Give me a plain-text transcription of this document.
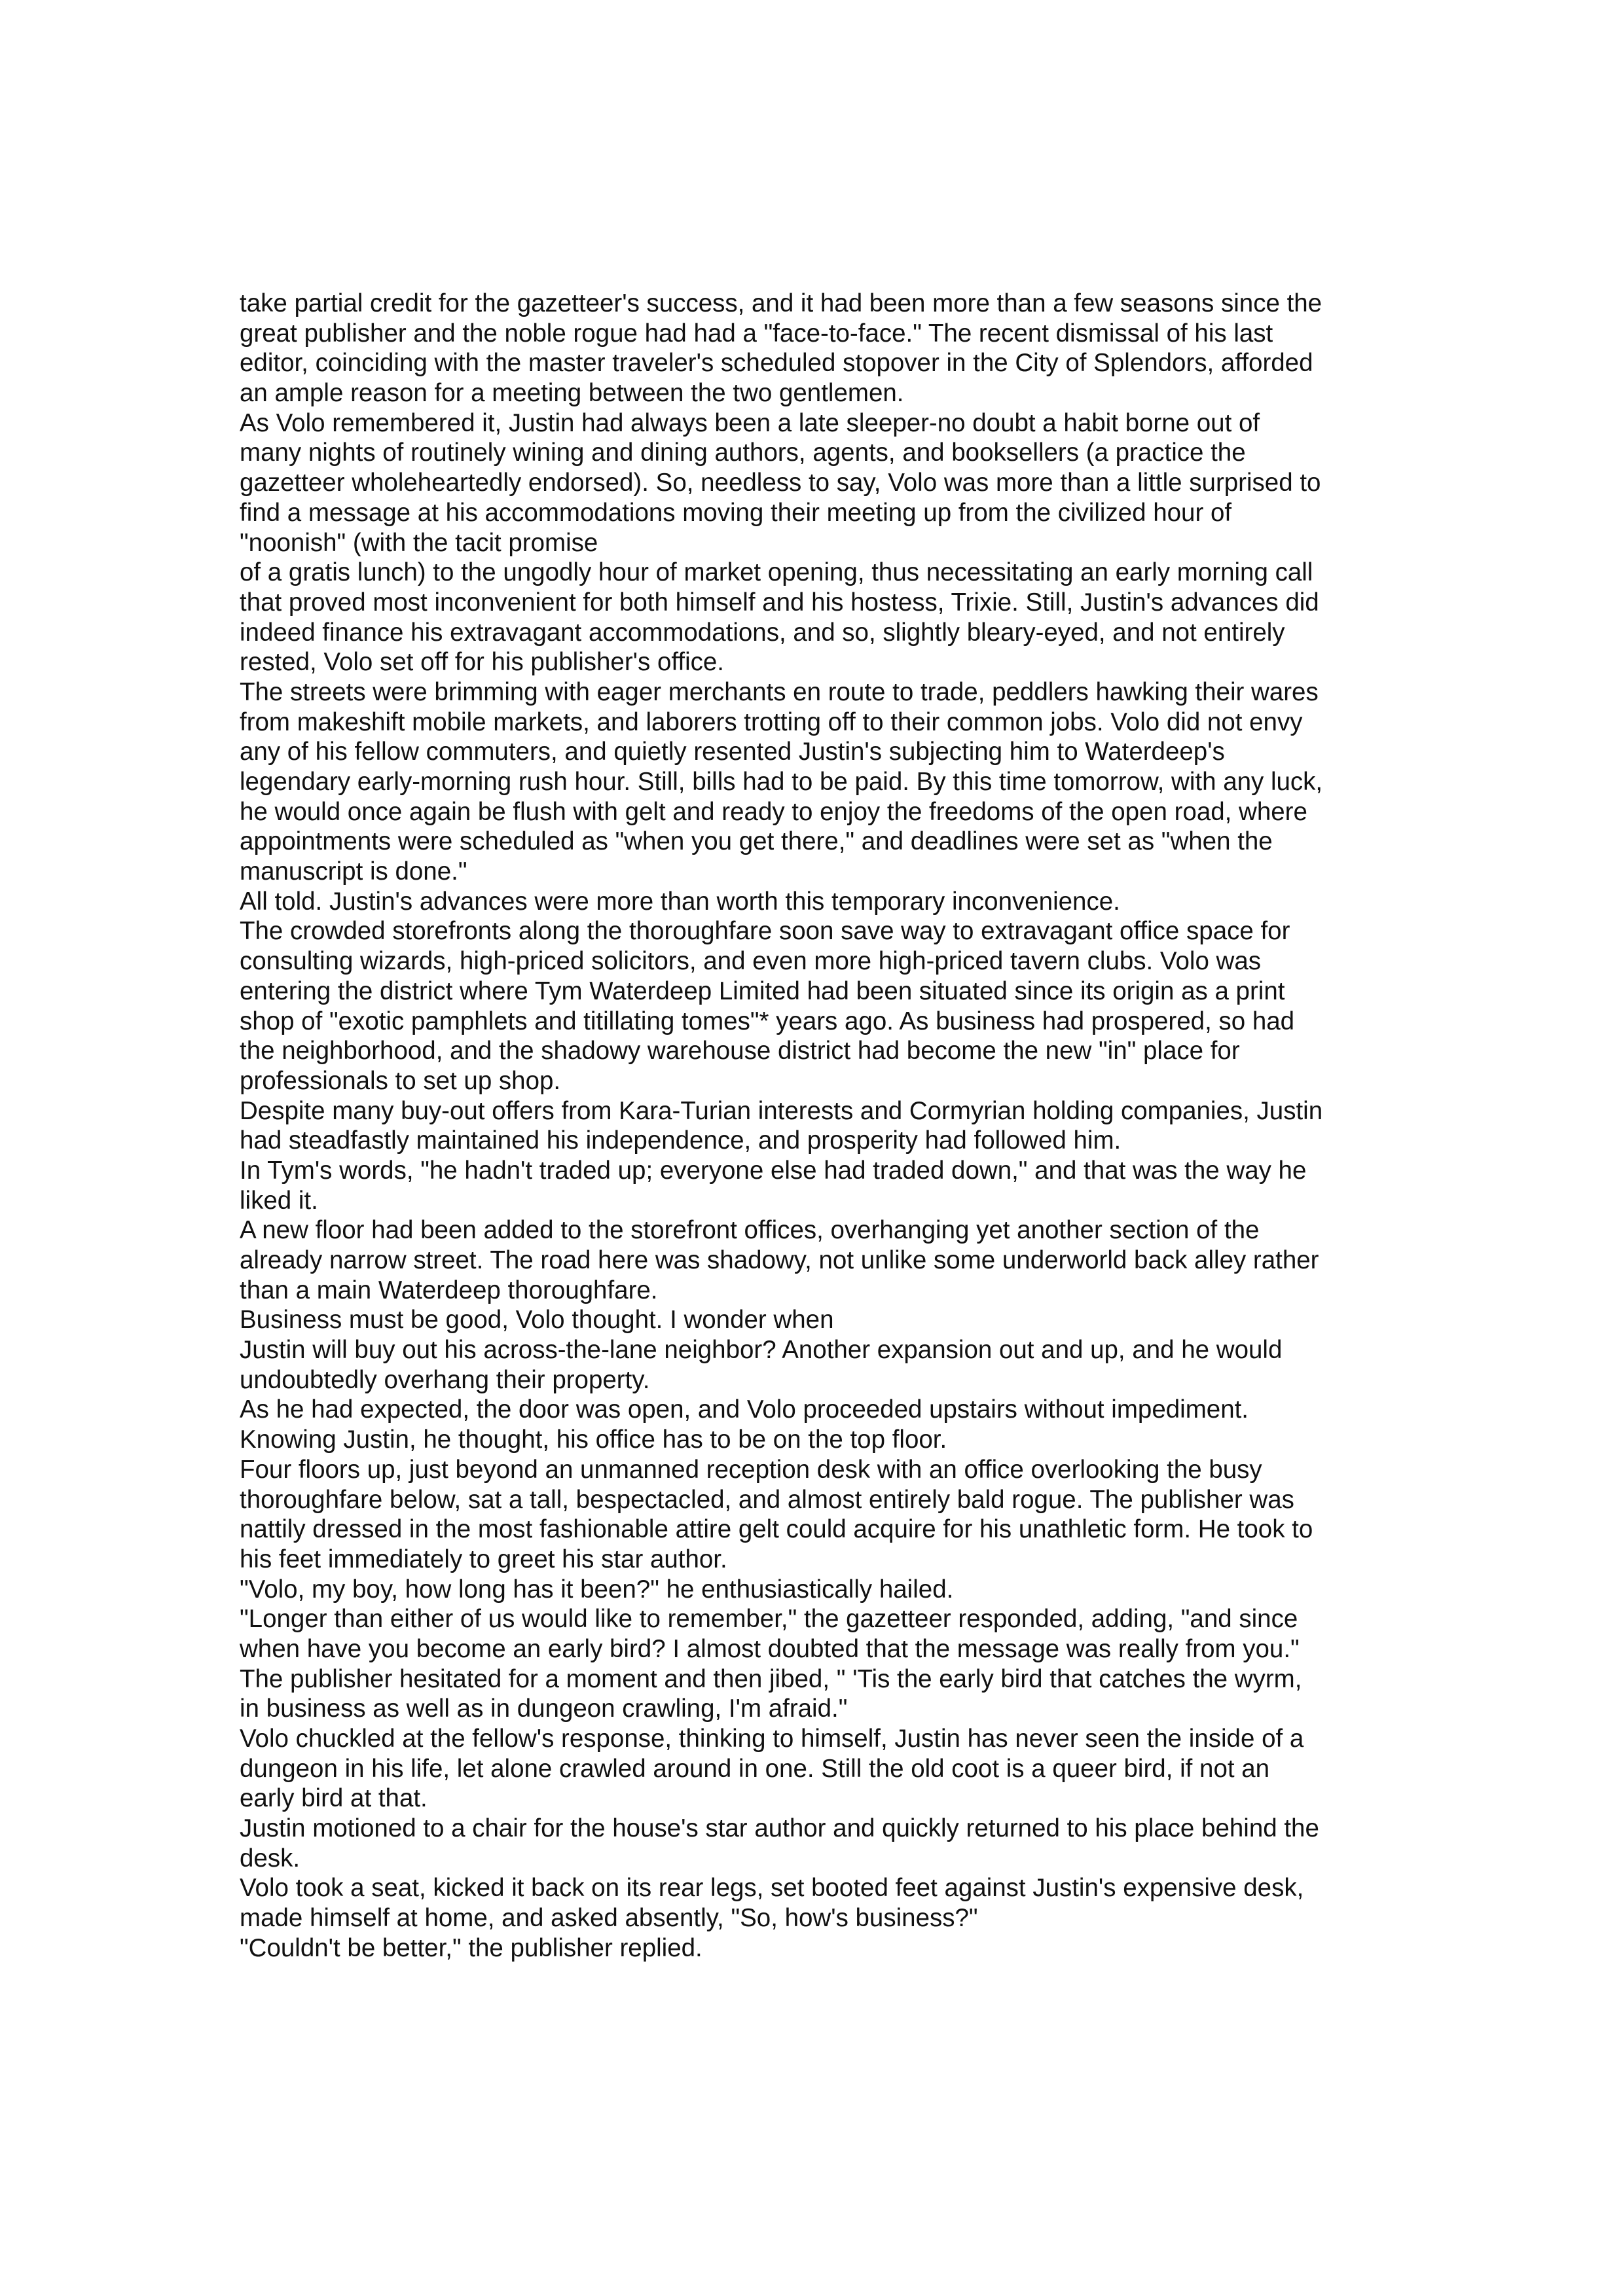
take partial credit for the gazetteer's success, and it had been more than a few seasons since the
great publisher and the noble rogue had had a "face-to-face." The recent dismissal of his last
editor, coinciding with the master traveler's scheduled stopover in the City of Splendors, afforded
an ample reason for a meeting between the two gentlemen.
As Volo remembered it, Justin had always been a late sleeper-no doubt a habit borne out of
many nights of routinely wining and dining authors, agents, and booksellers (a practice the
gazetteer wholeheartedly endorsed). So, needless to say, Volo was more than a little surprised to
find a message at his accommodations moving their meeting up from the civilized hour of
"noonish" (with the tacit promise
of a gratis lunch) to the ungodly hour of market opening, thus necessitating an early morning call
that proved most inconvenient for both himself and his hostess, Trixie. Still, Justin's advances did
indeed finance his extravagant accommodations, and so, slightly bleary-eyed, and not entirely
rested, Volo set off for his publisher's office.
The streets were brimming with eager merchants en route to trade, peddlers hawking their wares
from makeshift mobile markets, and laborers trotting off to their common jobs. Volo did not envy
any of his fellow commuters, and quietly resented Justin's subjecting him to Waterdeep's
legendary early-morning rush hour. Still, bills had to be paid. By this time tomorrow, with any luck,
he would once again be flush with gelt and ready to enjoy the freedoms of the open road, where
appointments were scheduled as "when you get there," and deadlines were set as "when the
manuscript is done."
All told. Justin's advances were more than worth this temporary inconvenience.
The crowded storefronts along the thoroughfare soon save way to extravagant office space for
consulting wizards, high-priced solicitors, and even more high-priced tavern clubs. Volo was
entering the district where Tym Waterdeep Limited had been situated since its origin as a print
shop of "exotic pamphlets and titillating tomes"* years ago. As business had prospered, so had
the neighborhood, and the shadowy warehouse district had become the new "in" place for
professionals to set up shop.
Despite many buy-out offers from Kara-Turian interests and Cormyrian holding companies, Justin
had steadfastly maintained his independence, and prosperity had followed him.
In Tym's words, "he hadn't traded up; everyone else had traded down," and that was the way he
liked it.
A new floor had been added to the storefront offices, overhanging yet another section of the
already narrow street. The road here was shadowy, not unlike some underworld back alley rather
than a main Waterdeep thoroughfare.
Business must be good, Volo thought. I wonder when
Justin will buy out his across-the-lane neighbor? Another expansion out and up, and he would
undoubtedly overhang their property.
As he had expected, the door was open, and Volo proceeded upstairs without impediment.
Knowing Justin, he thought, his office has to be on the top floor.
Four floors up, just beyond an unmanned reception desk with an office overlooking the busy
thoroughfare below, sat a tall, bespectacled, and almost entirely bald rogue. The publisher was
nattily dressed in the most fashionable attire gelt could acquire for his unathletic form. He took to
his feet immediately to greet his star author.
"Volo, my boy, how long has it been?" he enthusiastically hailed.
"Longer than either of us would like to remember," the gazetteer responded, adding, "and since
when have you become an early bird? I almost doubted that the message was really from you."
The publisher hesitated for a moment and then jibed, " 'Tis the early bird that catches the wyrm,
in business as well as in dungeon crawling, I'm afraid."
Volo chuckled at the fellow's response, thinking to himself, Justin has never seen the inside of a
dungeon in his life, let alone crawled around in one. Still the old coot is a queer bird, if not an
early bird at that.
Justin motioned to a chair for the house's star author and quickly returned to his place behind the
desk.
Volo took a seat, kicked it back on its rear legs, set booted feet against Justin's expensive desk,
made himself at home, and asked absently, "So, how's business?"
"Couldn't be better," the publisher replied.
